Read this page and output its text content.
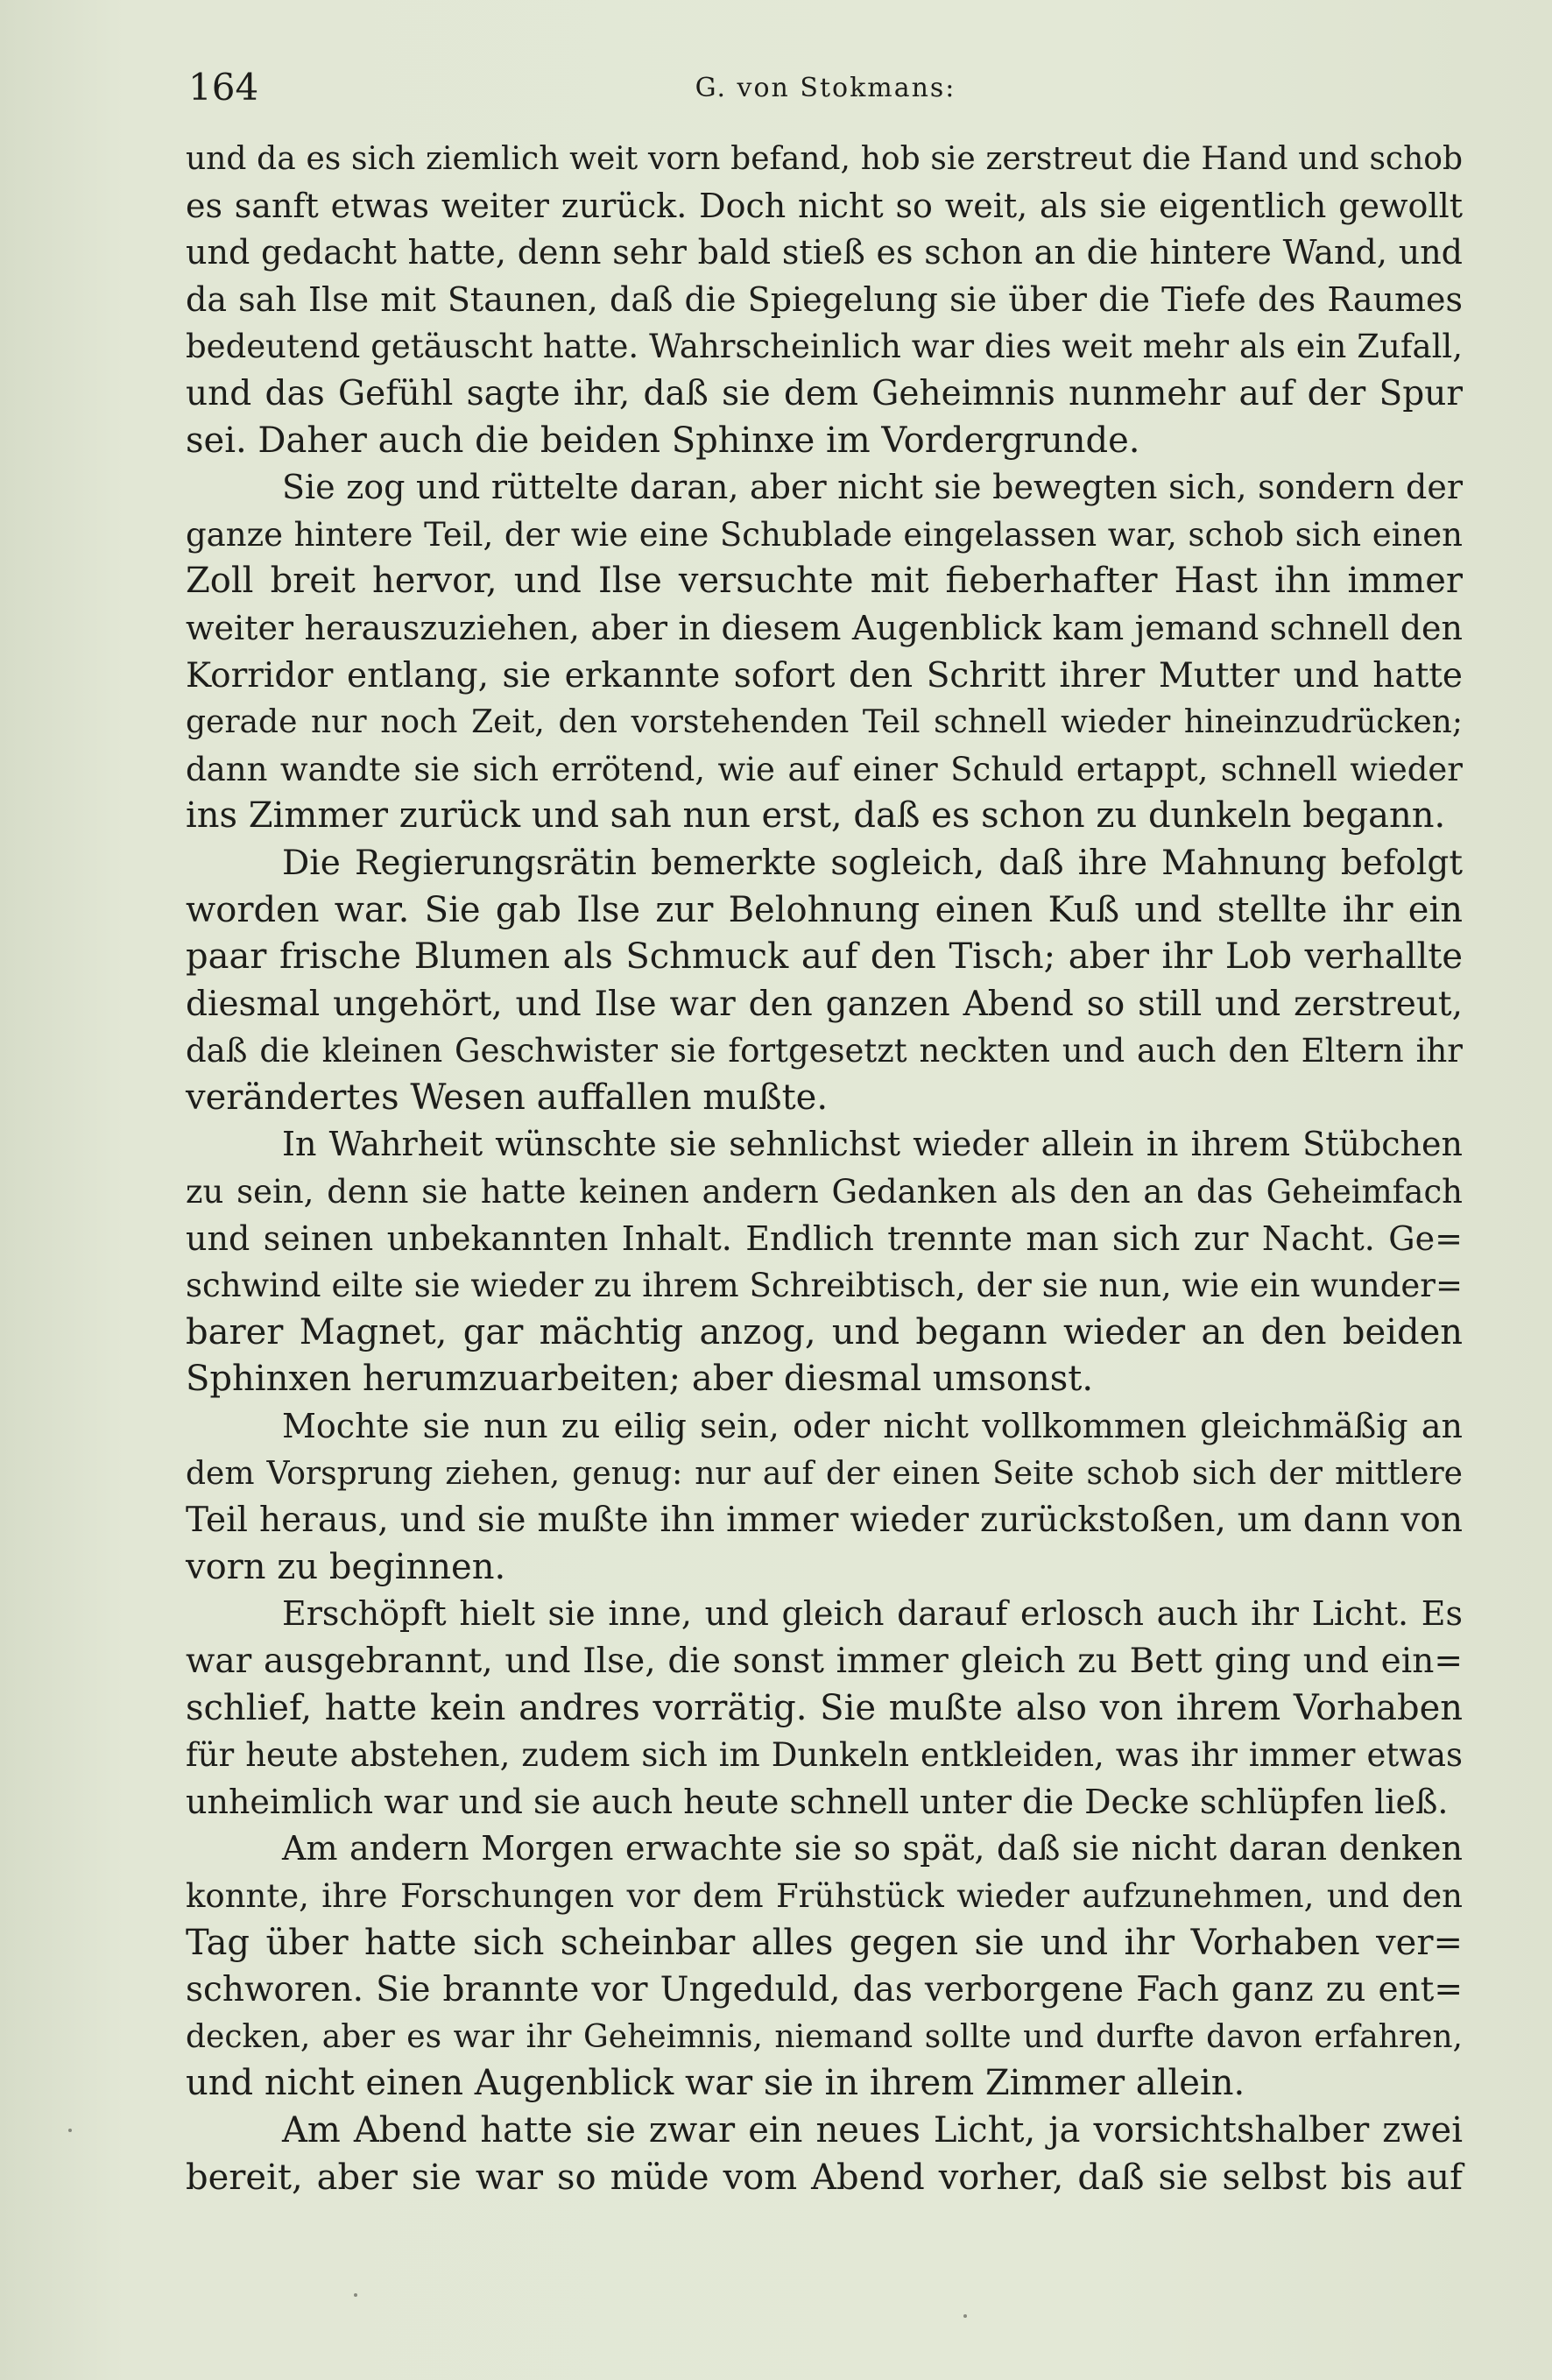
164	G. von Stokmans:
und da es sich ziemlich weit vorn befand, hob sie zerstreut die Hand und schob
es sanft etwas weiter zurück. Doch nicht so weit, als sie eigentlich gewollt
und gedacht hatte, denn sehr bald stieß es schon an die hintere Wand, und
da sah Ilse mit Staunen, daß die Spiegelung sie über die Tiefe des Raumes
bedeutend getäuscht hatte. Wahrscheinlich war dies weit mehr als ein Zufall,
und das Gefühl sagte ihr, daß sie dem Geheimnis nunmehr auf der Spur
sei. Daher auch die beiden Sphinxe im Vordergrunde.
Sie zog und rüttelte daran, aber nicht sie bewegten sich, sondern der
ganze hintere Teil, der wie eine Schublade eingelassen war, schob sich einen
Zoll breit hervor, und Ilse versuchte mit fieberhafter Hast ihn immer
weiter herauszuziehen, aber in diesem Augenblick kam jemand schnell den
Korridor entlang, sie erkannte sofort den Schritt ihrer Mutter und hatte
gerade nur noch Zeit, den vorstehenden Teil schnell wieder hineinzudrücken;
dann wandte sie sich errötend, wie auf einer Schuld ertappt, schnell wieder
ins Zimmer zurück und sah nun erst, daß es schon zu dunkeln begann.
Die Regierungsrätin bemerkte sogleich, daß ihre Mahnung befolgt
worden war. Sie gab Ilse zur Belohnung einen Kuß und stellte ihr ein
paar frische Blumen als Schmuck auf den Tisch; aber ihr Lob verhallte
diesmal ungehört, und Ilse war den ganzen Abend so still und zerstreut,
daß die kleinen Geschwister sie fortgesetzt neckten und auch den Eltern ihr
verändertes Wesen auffallen mußte.
In Wahrheit wünschte sie sehnlichst wieder allein in ihrem Stübchen
zu sein, denn sie hatte keinen andern Gedanken als den an das Geheimfach
und seinen unbekannten Inhalt. Endlich trennte man sich zur Nacht. Ge=
schwind eilte sie wieder zu ihrem Schreibtisch, der sie nun, wie ein wunder=
barer Magnet, gar mächtig anzog, und begann wieder an den beiden
Sphinxen herumzuarbeiten; aber diesmal umsonst.
Mochte sie nun zu eilig sein, oder nicht vollkommen gleichmäßig an
dem Vorsprung ziehen, genug: nur auf der einen Seite schob sich der mittlere
Teil heraus, und sie mußte ihn immer wieder zurückstoßen, um dann von
vorn zu beginnen.
Erschöpft hielt sie inne, und gleich darauf erlosch auch ihr Licht. Es
war ausgebrannt, und Ilse, die sonst immer gleich zu Bett ging und ein=
schlief, hatte kein andres vorrätig. Sie mußte also von ihrem Vorhaben
für heute abstehen, zudem sich im Dunkeln entkleiden, was ihr immer etwas
unheimlich war und sie auch heute schnell unter die Decke schlüpfen ließ.
Am andern Morgen erwachte sie so spät, daß sie nicht daran denken
konnte, ihre Forschungen vor dem Frühstück wieder aufzunehmen, und den
Tag über hatte sich scheinbar alles gegen sie und ihr Vorhaben ver=
schworen. Sie brannte vor Ungeduld, das verborgene Fach ganz zu ent=
decken, aber es war ihr Geheimnis, niemand sollte und durfte davon erfahren,
und nicht einen Augenblick war sie in ihrem Zimmer allein.
Am Abend hatte sie zwar ein neues Licht, ja vorsichtshalber zwei
bereit, aber sie war so müde vom Abend vorher, daß sie selbst bis auf
